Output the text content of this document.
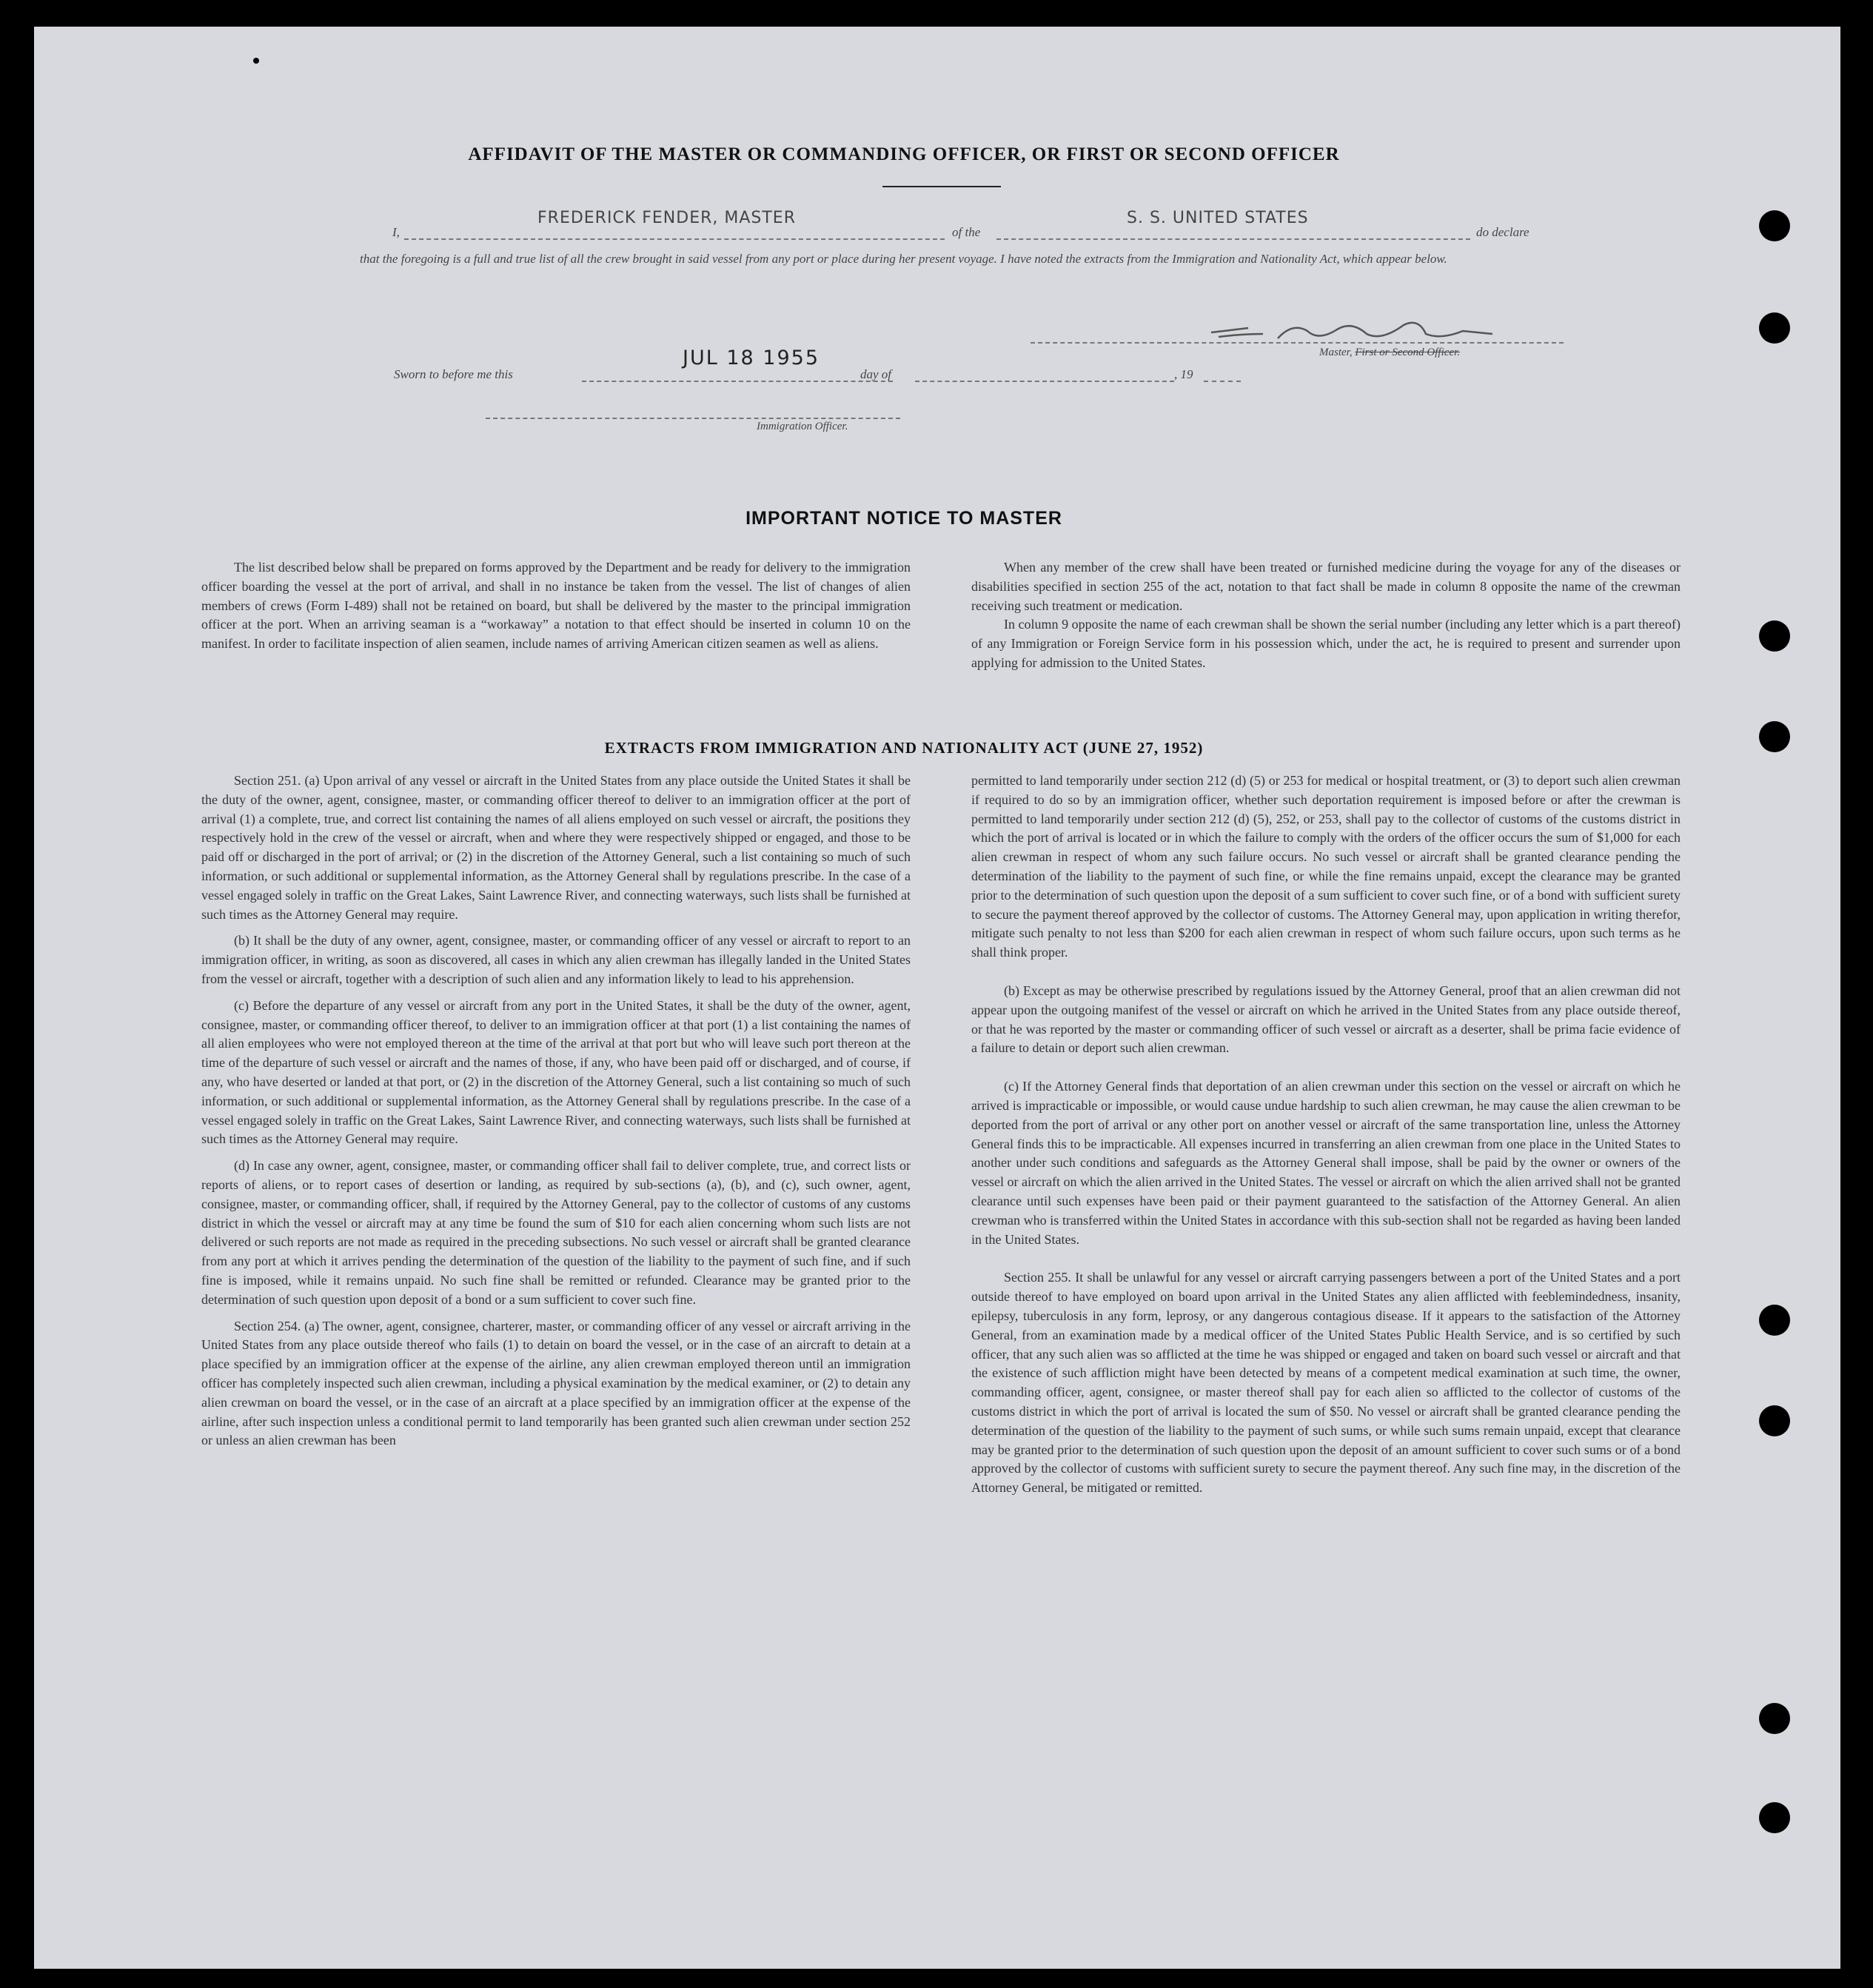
AFFIDAVIT OF THE MASTER OR COMMANDING OFFICER, OR FIRST OR SECOND OFFICER
I,
FREDERICK FENDER, MASTER
of the
S. S. UNITED STATES
do declare
that the foregoing is a full and true list of all the crew brought in said vessel from any port or place during her present voyage. I have noted the extracts from the Immigration and Nationality Act, which appear below.
Master, First or Second Officer.
Sworn to before me this
JUL 18 1955
day of	, 19
Immigration Officer.
IMPORTANT NOTICE TO MASTER

The list described below shall be prepared on forms approved by the Department and be ready for delivery to the immigration officer boarding the vessel at the port of arrival, and shall in no instance be taken from the vessel. The list of changes of alien members of crews (Form I-489) shall not be retained on board, but shall be delivered by the master to the principal immigration officer at the port. When an arriving seaman is a “workaway” a notation to that effect should be inserted in column 10 on the manifest. In order to facilitate inspection of alien seamen, include names of arriving American citizen seamen as well as aliens.

When any member of the crew shall have been treated or furnished medicine during the voyage for any of the diseases or disabilities specified in section 255 of the act, notation to that fact shall be made in column 8 opposite the name of the crewman receiving such treatment or medication.

In column 9 opposite the name of each crewman shall be shown the serial number (including any letter which is a part thereof) of any Immigration or Foreign Service form in his possession which, under the act, he is required to present and surrender upon applying for admission to the United States.

EXTRACTS FROM IMMIGRATION AND NATIONALITY ACT (JUNE 27, 1952)

Section 251. (a) Upon arrival of any vessel or aircraft in the United States from any place outside the United States it shall be the duty of the owner, agent, consignee, master, or commanding officer thereof to deliver to an immigration officer at the port of arrival (1) a complete, true, and correct list containing the names of all aliens employed on such vessel or aircraft, the positions they respectively hold in the crew of the vessel or aircraft, when and where they were respectively shipped or engaged, and those to be paid off or discharged in the port of arrival; or (2) in the discretion of the Attorney General, such a list containing so much of such information, or such additional or supplemental information, as the Attorney General shall by regulations prescribe. In the case of a vessel engaged solely in traffic on the Great Lakes, Saint Lawrence River, and connecting waterways, such lists shall be furnished at such times as the Attorney General may require.

(b) It shall be the duty of any owner, agent, consignee, master, or commanding officer of any vessel or aircraft to report to an immigration officer, in writing, as soon as discovered, all cases in which any alien crewman has illegally landed in the United States from the vessel or aircraft, together with a description of such alien and any information likely to lead to his apprehension.

(c) Before the departure of any vessel or aircraft from any port in the United States, it shall be the duty of the owner, agent, consignee, master, or commanding officer thereof, to deliver to an immigration officer at that port (1) a list containing the names of all alien employees who were not employed thereon at the time of the arrival at that port but who will leave such port thereon at the time of the departure of such vessel or aircraft and the names of those, if any, who have been paid off or discharged, and of course, if any, who have deserted or landed at that port, or (2) in the discretion of the Attorney General, such a list containing so much of such information, or such additional or supplemental information, as the Attorney General shall by regulations prescribe. In the case of a vessel engaged solely in traffic on the Great Lakes, Saint Lawrence River, and connecting waterways, such lists shall be furnished at such times as the Attorney General may require.

(d) In case any owner, agent, consignee, master, or commanding officer shall fail to deliver complete, true, and correct lists or reports of aliens, or to report cases of desertion or landing, as required by sub-sections (a), (b), and (c), such owner, agent, consignee, master, or commanding officer, shall, if required by the Attorney General, pay to the collector of customs of any customs district in which the vessel or aircraft may at any time be found the sum of $10 for each alien concerning whom such lists are not delivered or such reports are not made as required in the preceding subsections. No such vessel or aircraft shall be granted clearance from any port at which it arrives pending the determination of the question of the liability to the payment of such fine, and if such fine is imposed, while it remains unpaid. No such fine shall be remitted or refunded. Clearance may be granted prior to the determination of such question upon deposit of a bond or a sum sufficient to cover such fine.

Section 254. (a) The owner, agent, consignee, charterer, master, or commanding officer of any vessel or aircraft arriving in the United States from any place outside thereof who fails (1) to detain on board the vessel, or in the case of an aircraft to detain at a place specified by an immigration officer at the expense of the airline, any alien crewman employed thereon until an immigration officer has completely inspected such alien crewman, including a physical examination by the medical examiner, or (2) to detain any alien crewman on board the vessel, or in the case of an aircraft at a place specified by an immigration officer at the expense of the airline, after such inspection unless a conditional permit to land temporarily has been granted such alien crewman under section 252 or unless an alien crewman has been

permitted to land temporarily under section 212 (d) (5) or 253 for medical or hospital treatment, or (3) to deport such alien crewman if required to do so by an immigration officer, whether such deportation requirement is imposed before or after the crewman is permitted to land temporarily under section 212 (d) (5), 252, or 253, shall pay to the collector of customs of the customs district in which the port of arrival is located or in which the failure to comply with the orders of the officer occurs the sum of $1,000 for each alien crewman in respect of whom any such failure occurs. No such vessel or aircraft shall be granted clearance pending the determination of the liability to the payment of such fine, or while the fine remains unpaid, except the clearance may be granted prior to the determination of such question upon the deposit of a sum sufficient to cover such fine, or of a bond with sufficient surety to secure the payment thereof approved by the collector of customs. The Attorney General may, upon application in writing therefor, mitigate such penalty to not less than $200 for each alien crewman in respect of whom such failure occurs, upon such terms as he shall think proper.

(b) Except as may be otherwise prescribed by regulations issued by the Attorney General, proof that an alien crewman did not appear upon the outgoing manifest of the vessel or aircraft on which he arrived in the United States from any place outside thereof, or that he was reported by the master or commanding officer of such vessel or aircraft as a deserter, shall be prima facie evidence of a failure to detain or deport such alien crewman.

(c) If the Attorney General finds that deportation of an alien crewman under this section on the vessel or aircraft on which he arrived is impracticable or impossible, or would cause undue hardship to such alien crewman, he may cause the alien crewman to be deported from the port of arrival or any other port on another vessel or aircraft of the same transportation line, unless the Attorney General finds this to be impracticable. All expenses incurred in transferring an alien crewman from one place in the United States to another under such conditions and safeguards as the Attorney General shall impose, shall be paid by the owner or owners of the vessel or aircraft on which the alien arrived in the United States. The vessel or aircraft on which the alien arrived shall not be granted clearance until such expenses have been paid or their payment guaranteed to the satisfaction of the Attorney General. An alien crewman who is transferred within the United States in accordance with this sub-section shall not be regarded as having been landed in the United States.

Section 255. It shall be unlawful for any vessel or aircraft carrying passengers between a port of the United States and a port outside thereof to have employed on board upon arrival in the United States any alien afflicted with feeblemindedness, insanity, epilepsy, tuberculosis in any form, leprosy, or any dangerous contagious disease. If it appears to the satisfaction of the Attorney General, from an examination made by a medical officer of the United States Public Health Service, and is so certified by such officer, that any such alien was so afflicted at the time he was shipped or engaged and taken on board such vessel or aircraft and that the existence of such affliction might have been detected by means of a competent medical examination at such time, the owner, commanding officer, agent, consignee, or master thereof shall pay for each alien so afflicted to the collector of customs of the customs district in which the port of arrival is located the sum of $50. No vessel or aircraft shall be granted clearance pending the determination of the question of the liability to the payment of such sums, or while such sums remain unpaid, except that clearance may be granted prior to the determination of such question upon the deposit of an amount sufficient to cover such sums or of a bond approved by the collector of customs with sufficient surety to secure the payment thereof. Any such fine may, in the discretion of the Attorney General, be mitigated or remitted.
